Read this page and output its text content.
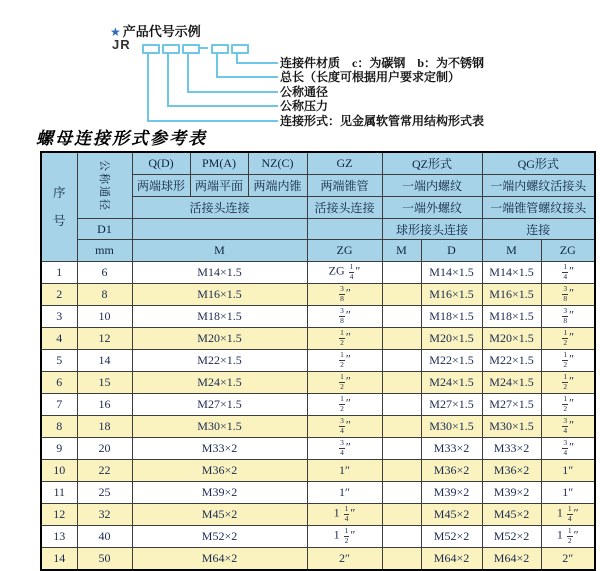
★ 产品代号示例
JR
连接件材质　c：为碳钢　b：为不锈钢
总长（长度可根据用户要求定制）
公称通径
公称压力
连接形式：见金属软管常用结构形式表
螺母连接形式参考表
序
号	公称通径	Q(D)	PM(A)	NZ(C)	GZ	QZ形式		QG形式	
		两端球形	两端平面	两端内锥	两端锥管	一端内螺纹		一端内螺纹活接头	
		活接头连接			活接头连接	一端外螺纹		一端锥管螺纹接头	
	D1					球形接头连接		连接	
	mm	M			ZG	M	D	M	ZG
1	6	M14×1.5			ZG $\frac{1}{4}$ ″		M14×1.5	M14×1.5	$\frac{1}{4}$ ″
2	8	M16×1.5			$\frac{3}{8}$ ″		M16×1.5	M16×1.5	$\frac{3}{8}$ ″
3	10	M18×1.5			$\frac{3}{8}$ ″		M18×1.5	M18×1.5	$\frac{3}{8}$ ″
4	12	M20×1.5			$\frac{1}{2}$ ″		M20×1.5	M20×1.5	$\frac{1}{2}$ ″
5	14	M22×1.5			$\frac{1}{2}$ ″		M22×1.5	M22×1.5	$\frac{1}{2}$ ″
6	15	M24×1.5			$\frac{1}{2}$ ″		M24×1.5	M24×1.5	$\frac{1}{2}$ ″
7	16	M27×1.5			$\frac{1}{2}$ ″		M27×1.5	M27×1.5	$\frac{1}{2}$ ″
8	18	M30×1.5			$\frac{3}{4}$ ″		M30×1.5	M30×1.5	$\frac{3}{4}$ ″
9	20	M33×2			$\frac{3}{4}$ ″		M33×2	M33×2	$\frac{3}{4}$ ″
10	22	M36×2			1″		M36×2	M36×2	1″
11	25	M39×2			1″		M39×2	M39×2	1″
12	32	M45×2			$1 \frac{1}{4}$ ″		M45×2	M45×2	$1 \frac{1}{4}$ ″
13	40	M52×2			$1 \frac{1}{2}$ ″		M52×2	M52×2	$1 \frac{1}{2}$ ″
14	50	M64×2			2″		M64×2	M64×2	2″
